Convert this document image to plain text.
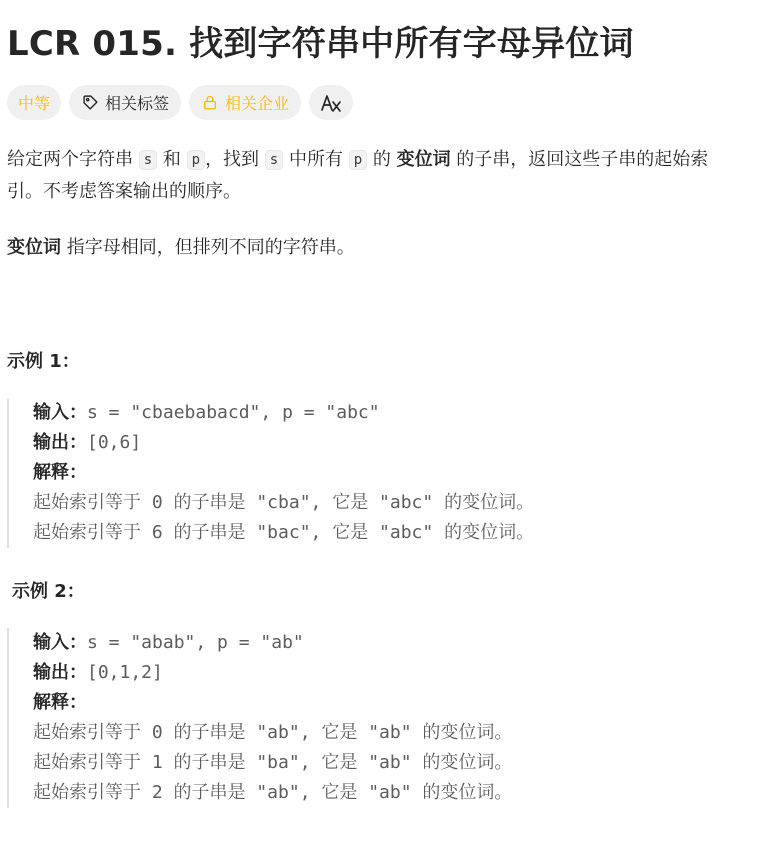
LCR 015. 找到字符串中所有字母异位词
中等	相关标签	相关企业

给定两个字符串 s 和 p ，找到 s 中所有 p 的 变位词 的子串，返回这些子串的起始索引。不考虑答案输出的顺序。

变位词 指字母相同，但排列不同的字符串。

示例 1：
输入：s = "cbaebabacd", p = "abc"
输出：[0,6]
解释：
起始索引等于 0 的子串是 "cba", 它是 "abc" 的变位词。
起始索引等于 6 的子串是 "bac", 它是 "abc" 的变位词。
示例 2：
输入：s = "abab", p = "ab"
输出：[0,1,2]
解释：
起始索引等于 0 的子串是 "ab", 它是 "ab" 的变位词。
起始索引等于 1 的子串是 "ba", 它是 "ab" 的变位词。
起始索引等于 2 的子串是 "ab", 它是 "ab" 的变位词。
